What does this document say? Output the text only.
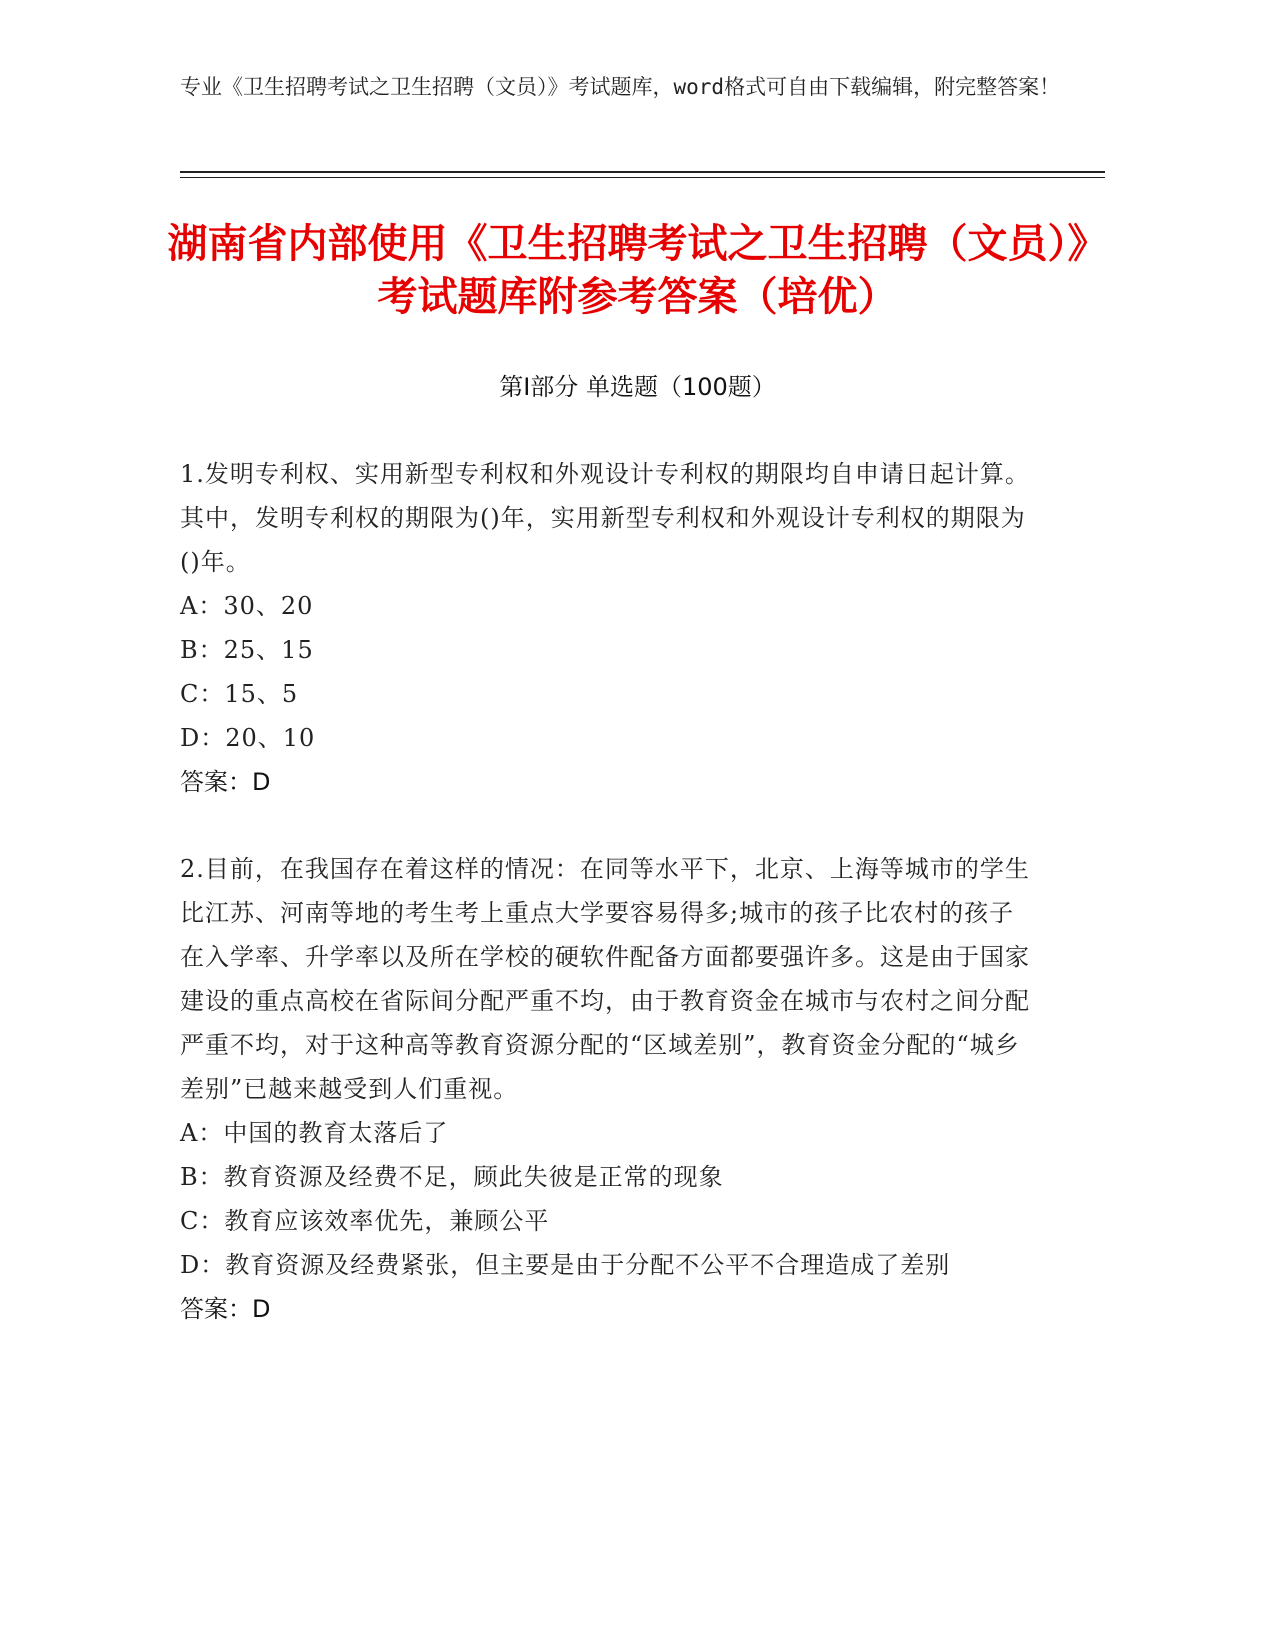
专业《卫生招聘考试之卫生招聘（文员）》考试题库，word格式可自由下载编辑，附完整答案！
湖南省内部使用《卫生招聘考试之卫生招聘（文员）》考试题库附参考答案（培优）
第Ⅰ部分 单选题（100题）

1.发明专利权、实用新型专利权和外观设计专利权的期限均自申请日起计算。其中，发明专利权的期限为()年，实用新型专利权和外观设计专利权的期限为()年。

A：30、20

B：25、15

C：15、5

D：20、10

答案：D

2.目前，在我国存在着这样的情况：在同等水平下，北京、上海等城市的学生比江苏、河南等地的考生考上重点大学要容易得多;城市的孩子比农村的孩子在入学率、升学率以及所在学校的硬软件配备方面都要强许多。这是由于国家建设的重点高校在省际间分配严重不均，由于教育资金在城市与农村之间分配严重不均，对于这种高等教育资源分配的“区域差别”，教育资金分配的“城乡差别”已越来越受到人们重视。

A：中国的教育太落后了

B：教育资源及经费不足，顾此失彼是正常的现象

C：教育应该效率优先，兼顾公平

D：教育资源及经费紧张，但主要是由于分配不公平不合理造成了差别

答案：D
